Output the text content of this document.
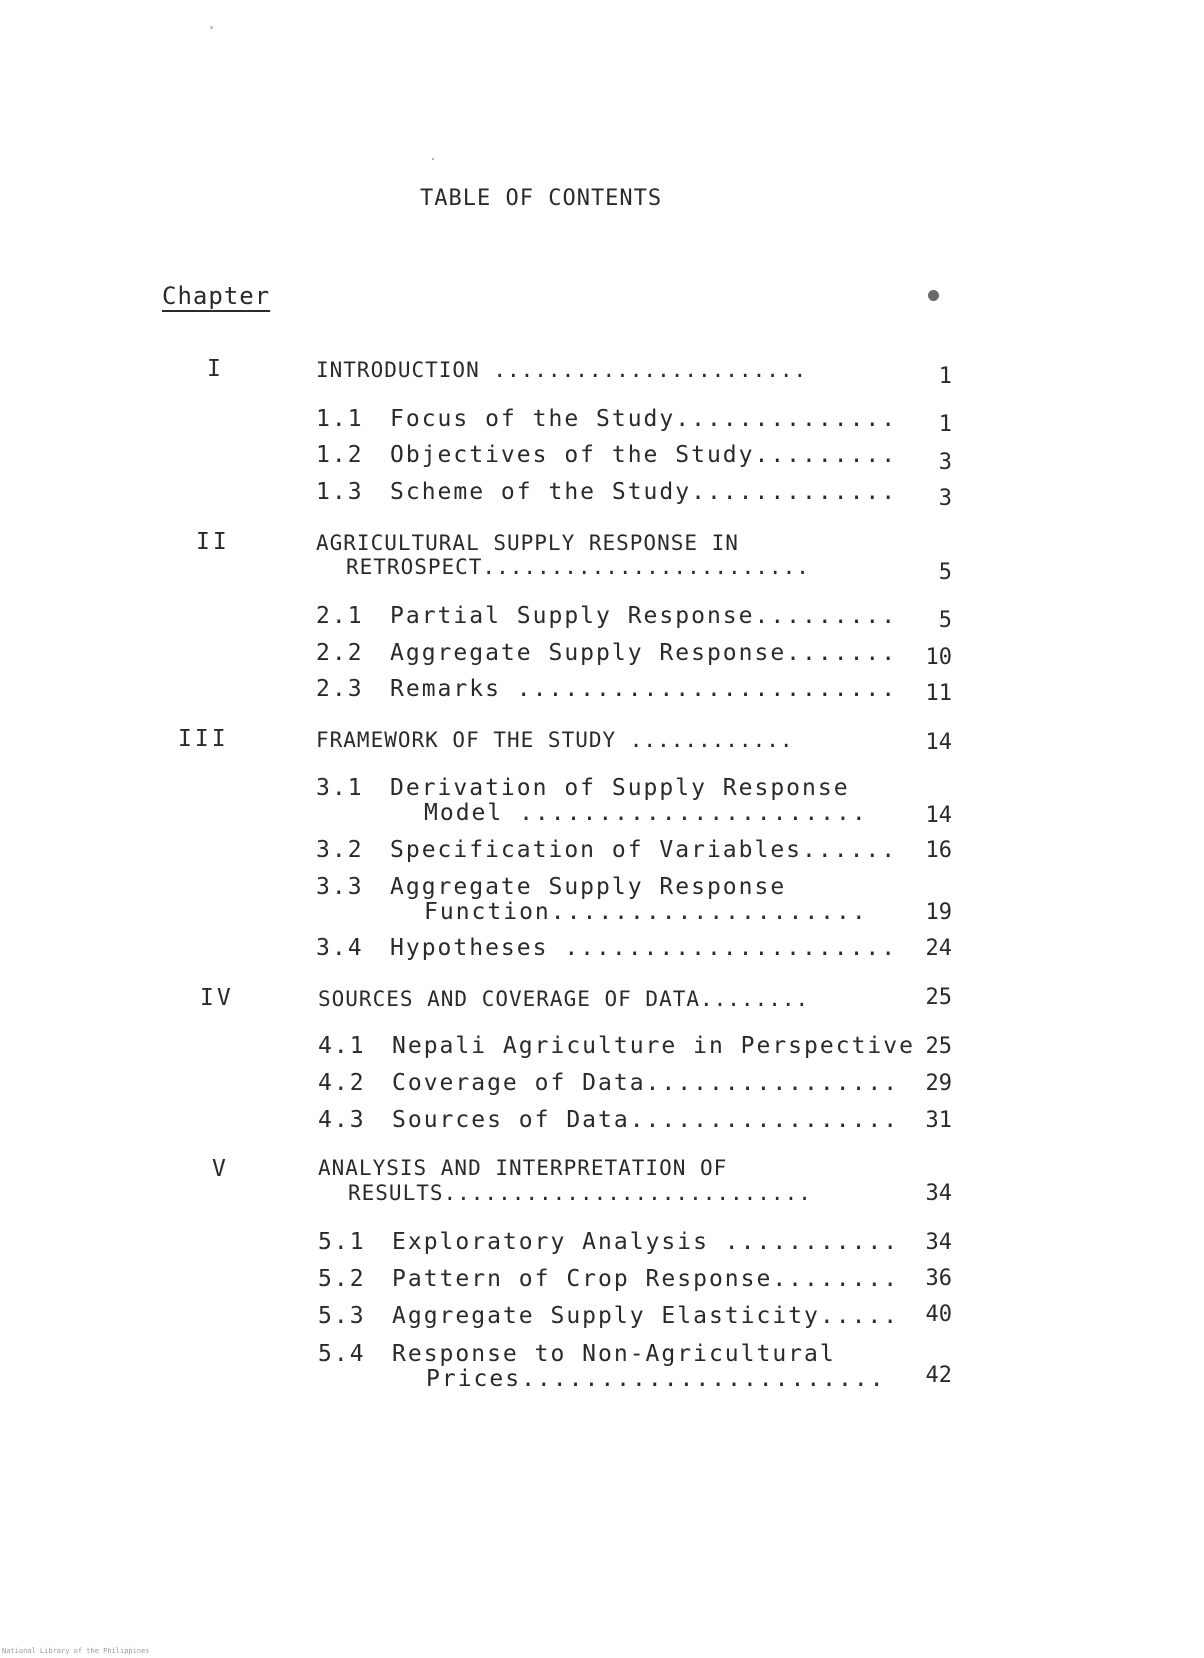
TABLE OF CONTENTS
Chapter
I	INTRODUCTION .......................	1
1.1 Focus of the Study..............	1
1.2 Objectives of the Study.........	3
1.3 Scheme of the Study.............	3
II	AGRICULTURAL SUPPLY RESPONSE IN
RETROSPECT........................	5
2.1 Partial Supply Response.........	5
2.2 Aggregate Supply Response.......	10
2.3 Remarks ........................	11
III	FRAMEWORK OF THE STUDY ............	14
3.1 Derivation of Supply Response
Model ......................	14
3.2 Specification of Variables......	16
3.3 Aggregate Supply Response
Function....................	19
3.4 Hypotheses .....................	24
IV	SOURCES AND COVERAGE OF DATA........	25
4.1 Nepali Agriculture in Perspective 25
4.2 Coverage of Data................	29
4.3 Sources of Data.................	31
V	ANALYSIS AND INTERPRETATION OF
RESULTS...........................	34
5.1 Exploratory Analysis ...........	34
5.2 Pattern of Crop Response........	36
5.3 Aggregate Supply Elasticity.....	40
5.4 Response to Non-Agricultural
Prices.......................	42
National Library of the Philippines
